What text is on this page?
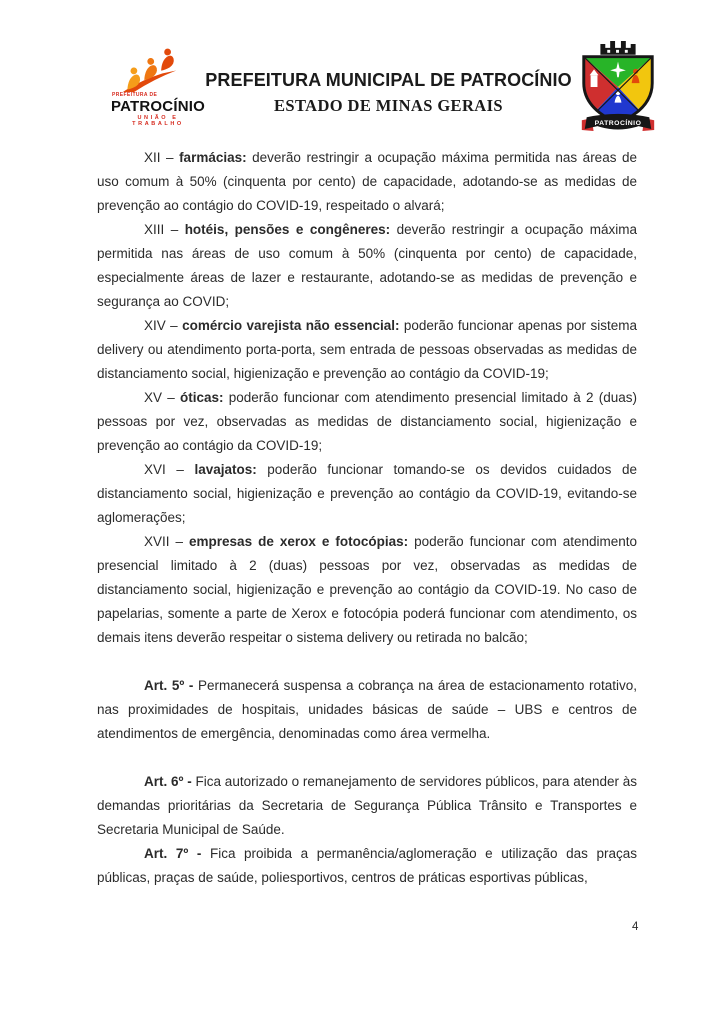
PREFEITURA DE
PATROCÍNIO
UNIÃO E TRABALHO
PREFEITURA MUNICIPAL DE PATROCÍNIO
ESTADO DE MINAS GERAIS
PATROCÍNIO

XII – farmácias: deverão restringir a ocupação máxima permitida nas áreas de uso comum à 50% (cinquenta por cento) de capacidade, adotando-se as medidas de prevenção ao contágio do COVID-19, respeitado o alvará;

XIII – hotéis, pensões e congêneres: deverão restringir a ocupação máxima permitida nas áreas de uso comum à 50% (cinquenta por cento) de capacidade, especialmente áreas de lazer e restaurante, adotando-se as medidas de prevenção e segurança ao COVID;

XIV – comércio varejista não essencial: poderão funcionar apenas por sistema delivery ou atendimento porta-porta, sem entrada de pessoas observadas as medidas de distanciamento social, higienização e prevenção ao contágio da COVID-19;

XV – óticas: poderão funcionar com atendimento presencial limitado à 2 (duas) pessoas por vez, observadas as medidas de distanciamento social, higienização e prevenção ao contágio da COVID-19;

XVI – lavajatos: poderão funcionar tomando-se os devidos cuidados de distanciamento social, higienização e prevenção ao contágio da COVID-19, evitando-se aglomerações;

XVII – empresas de xerox e fotocópias: poderão funcionar com atendimento presencial limitado à 2 (duas) pessoas por vez, observadas as medidas de distanciamento social, higienização e prevenção ao contágio da COVID-19. No caso de papelarias, somente a parte de Xerox e fotocópia poderá funcionar com atendimento, os demais itens deverão respeitar o sistema delivery ou retirada no balcão;

Art. 5º - Permanecerá suspensa a cobrança na área de estacionamento rotativo, nas proximidades de hospitais, unidades básicas de saúde – UBS e centros de atendimentos de emergência, denominadas como área vermelha.

Art. 6º - Fica autorizado o remanejamento de servidores públicos, para atender às demandas prioritárias da Secretaria de Segurança Pública Trânsito e Transportes e Secretaria Municipal de Saúde.

Art. 7º - Fica proibida a permanência/aglomeração e utilização das praças públicas, praças de saúde, poliesportivos, centros de práticas esportivas públicas,

4
